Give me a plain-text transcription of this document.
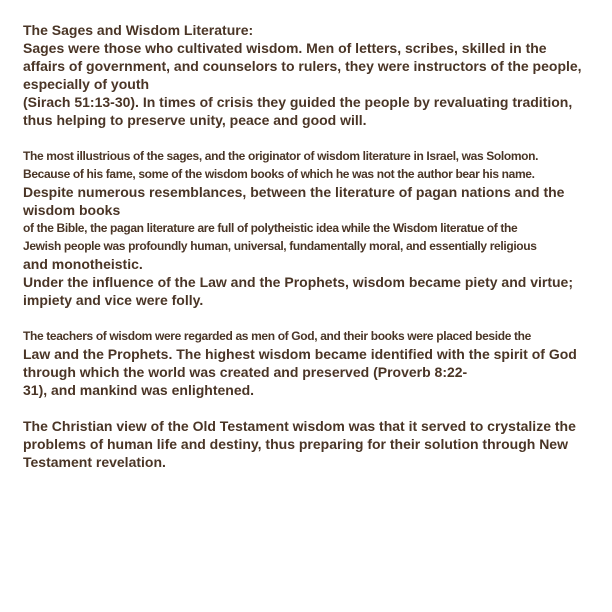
The Sages and Wisdom Literature:
Sages were those who cultivated wisdom. Men of letters, scribes, skilled in the
affairs of government, and counselors to rulers, they were instructors of the people,
especially of youth
(Sirach 51:13-30). In times of crisis they guided the people by revaluating tradition,
thus helping to preserve unity, peace and good will.
The most illustrious of the sages, and the originator of wisdom literature in Israel, was Solomon.
Because of his fame, some of the wisdom books of which he was not the author bear his name.
Despite numerous resemblances, between the literature of pagan nations and the
wisdom books
of the Bible, the pagan literature are full of polytheistic idea while the Wisdom literatue of the
Jewish people was profoundly human, universal, fundamentally moral, and essentially religious
and monotheistic.
Under the influence of the Law and the Prophets, wisdom became piety and virtue;
impiety and vice were folly.
The teachers of wisdom were regarded as men of God, and their books were placed beside the
Law and the Prophets. The highest wisdom became identified with the spirit of God
through which the world was created and preserved (Proverb 8:22-
31), and mankind was enlightened.
The Christian view of the Old Testament wisdom was that it served to crystalize the
problems of human life and destiny, thus preparing for their solution through New
Testament revelation.
